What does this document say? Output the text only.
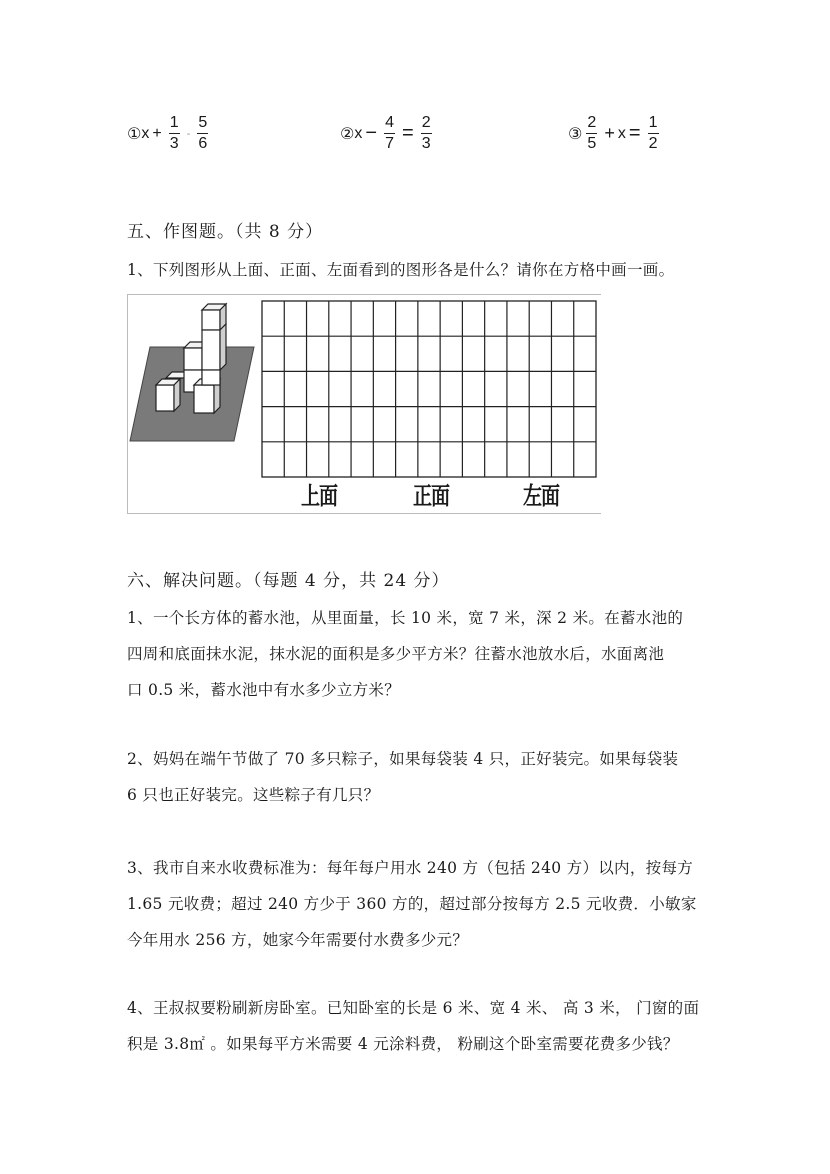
① $x + \frac{1}{3} - \frac{5}{6}$	② $x - \frac{4}{7} = \frac{2}{3}$	③ $\frac{2}{5} + x = \frac{1}{2}$
五、作图题。（共 8 分）
1、下列图形从上面、正面、左面看到的图形各是什么？请你在方格中画一画。
上面	正面	左面
六、解决问题。（每题 4 分，共 24 分）
1、一个长方体的蓄水池，从里面量，长 10 米，宽 7 米，深 2 米。在蓄水池的
四周和底面抹水泥，抹水泥的面积是多少平方米？往蓄水池放水后，水面离池
口 0.5 米，蓄水池中有水多少立方米？
2、妈妈在端午节做了 70 多只粽子，如果每袋装 4 只，正好装完。如果每袋装
6 只也正好装完。这些粽子有几只？
3、我市自来水收费标准为：每年每户用水 240 方（包括 240 方）以内，按每方
1.65 元收费；超过 240 方少于 360 方的，超过部分按每方 2.5 元收费．小敏家
今年用水 256 方，她家今年需要付水费多少元？
4、王叔叔要粉刷新房卧室。已知卧室的长是 6 米、宽 4 米、 高 3 米， 门窗的面
积是 3.8㎡ 。如果每平方米需要 4 元涂料费， 粉刷这个卧室需要花费多少钱？
